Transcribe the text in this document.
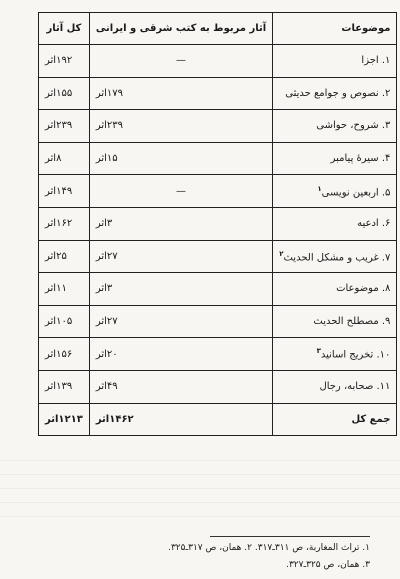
موضوعات	آثار مربوط به کتب شرقی و ایرانی	کل آثار
۱. اجزا	—	۱۹۲اثر
۲. نصوص و جوامع حدیثی	۱۷۹اثر	۱۵۵اثر
۳. شروح، حواشی	۲۳۹اثر	۲۳۹اثر
۴. سیرهٔ پیامبر	۱۵اثر	۸اثر
۵. اربعین نویسی$^۱$	—	۱۴۹اثر
۶. ادعیه	۳اثر	۱۶۲اثر
۷. غریب و مشکل الحدیث$^۲$	۲۷اثر	۲۵اثر
۸. موضوعات	۳اثر	۱۱اثر
۹. مصطلح الحدیث	۲۷اثر	۱۰۵اثر
۱۰. تخریج اسانید$^۳$	۲۰اثر	۱۵۶اثر
۱۱. صحابه، رجال	۴۹اثر	۱۳۹اثر
جمع کل	۱۴۶۲اثر	۱۲۱۳اثر
۱. تراث المغاربة، ص ۳۱۱ـ۳۱۷. ۲. همان، ص ۳۱۷ـ۳۲۵.
۳. همان، ص ۳۲۵ـ۳۲۷.
